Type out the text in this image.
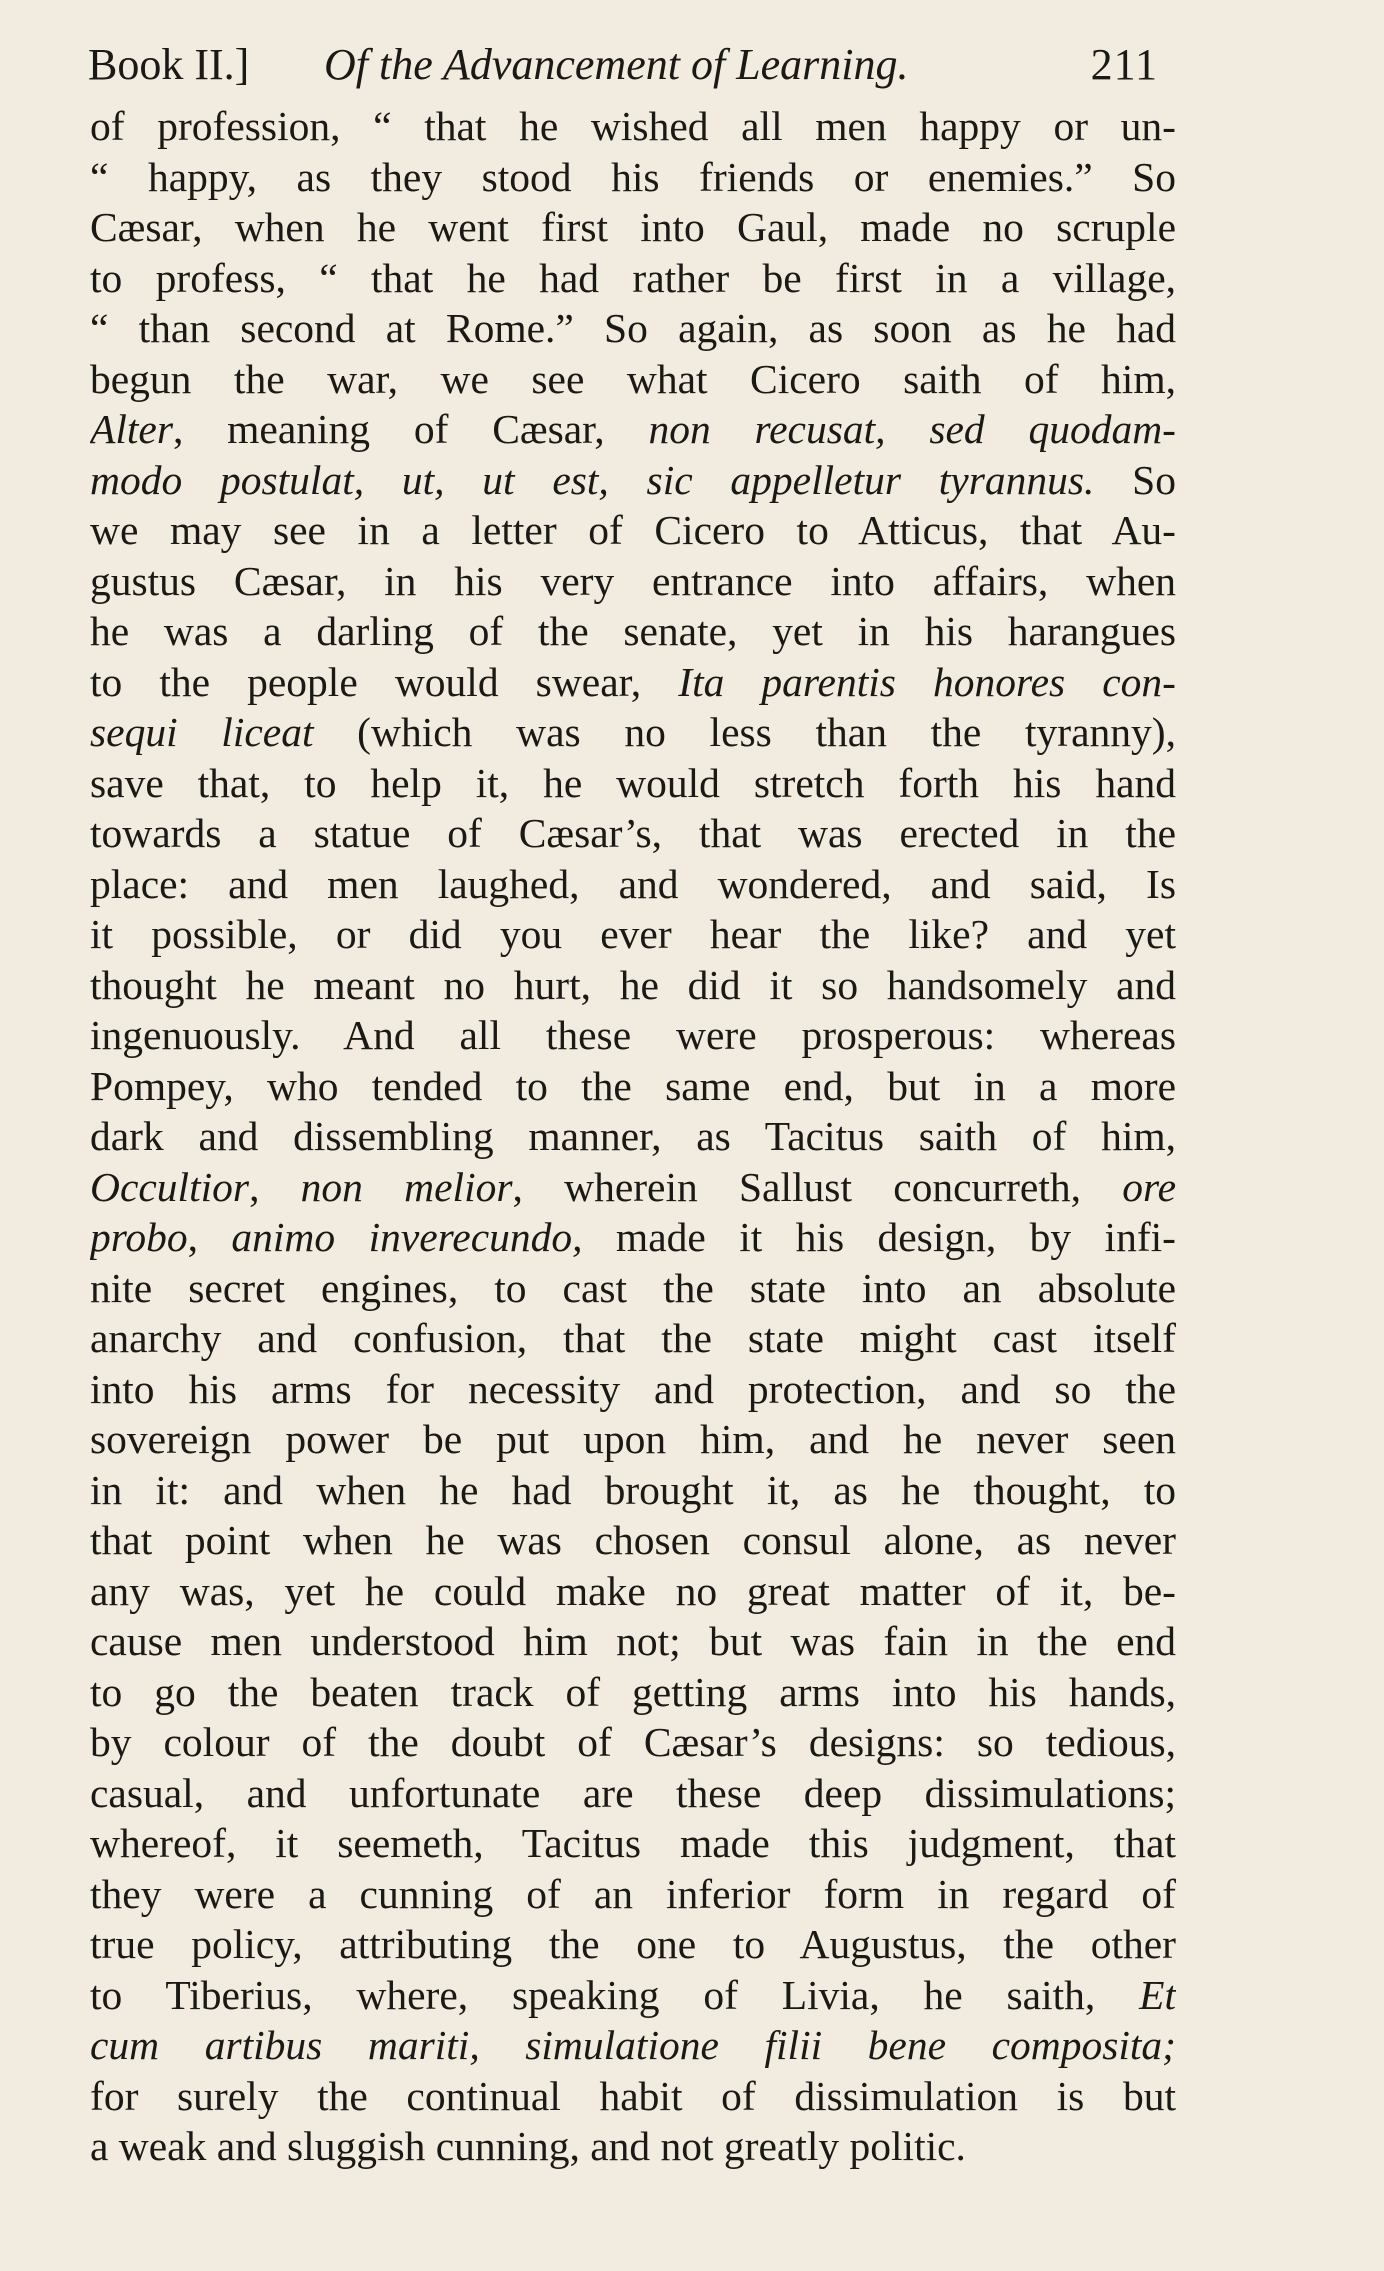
Book II.] Of the Advancement of Learning.	211
of profession, “ that he wished all men happy or un-
“ happy, as they stood his friends or enemies.” So
Cæsar, when he went first into Gaul, made no scruple
to profess, “ that he had rather be first in a village,
“ than second at Rome.” So again, as soon as he had
begun the war, we see what Cicero saith of him,
Alter, meaning of Cæsar, non recusat, sed quodam-
modo postulat, ut, ut est, sic appelletur tyrannus. So
we may see in a letter of Cicero to Atticus, that Au-
gustus Cæsar, in his very entrance into affairs, when
he was a darling of the senate, yet in his harangues
to the people would swear, Ita parentis honores con-
sequi liceat (which was no less than the tyranny),
save that, to help it, he would stretch forth his hand
towards a statue of Cæsar’s, that was erected in the
place: and men laughed, and wondered, and said, Is
it possible, or did you ever hear the like? and yet
thought he meant no hurt, he did it so handsomely and
ingenuously. And all these were prosperous: whereas
Pompey, who tended to the same end, but in a more
dark and dissembling manner, as Tacitus saith of him,
Occultior, non melior, wherein Sallust concurreth, ore
probo, animo inverecundo, made it his design, by infi-
nite secret engines, to cast the state into an absolute
anarchy and confusion, that the state might cast itself
into his arms for necessity and protection, and so the
sovereign power be put upon him, and he never seen
in it: and when he had brought it, as he thought, to
that point when he was chosen consul alone, as never
any was, yet he could make no great matter of it, be-
cause men understood him not; but was fain in the end
to go the beaten track of getting arms into his hands,
by colour of the doubt of Cæsar’s designs: so tedious,
casual, and unfortunate are these deep dissimulations;
whereof, it seemeth, Tacitus made this judgment, that
they were a cunning of an inferior form in regard of
true policy, attributing the one to Augustus, the other
to Tiberius, where, speaking of Livia, he saith, Et
cum artibus mariti, simulatione filii bene composita;
for surely the continual habit of dissimulation is but
a weak and sluggish cunning, and not greatly politic.
